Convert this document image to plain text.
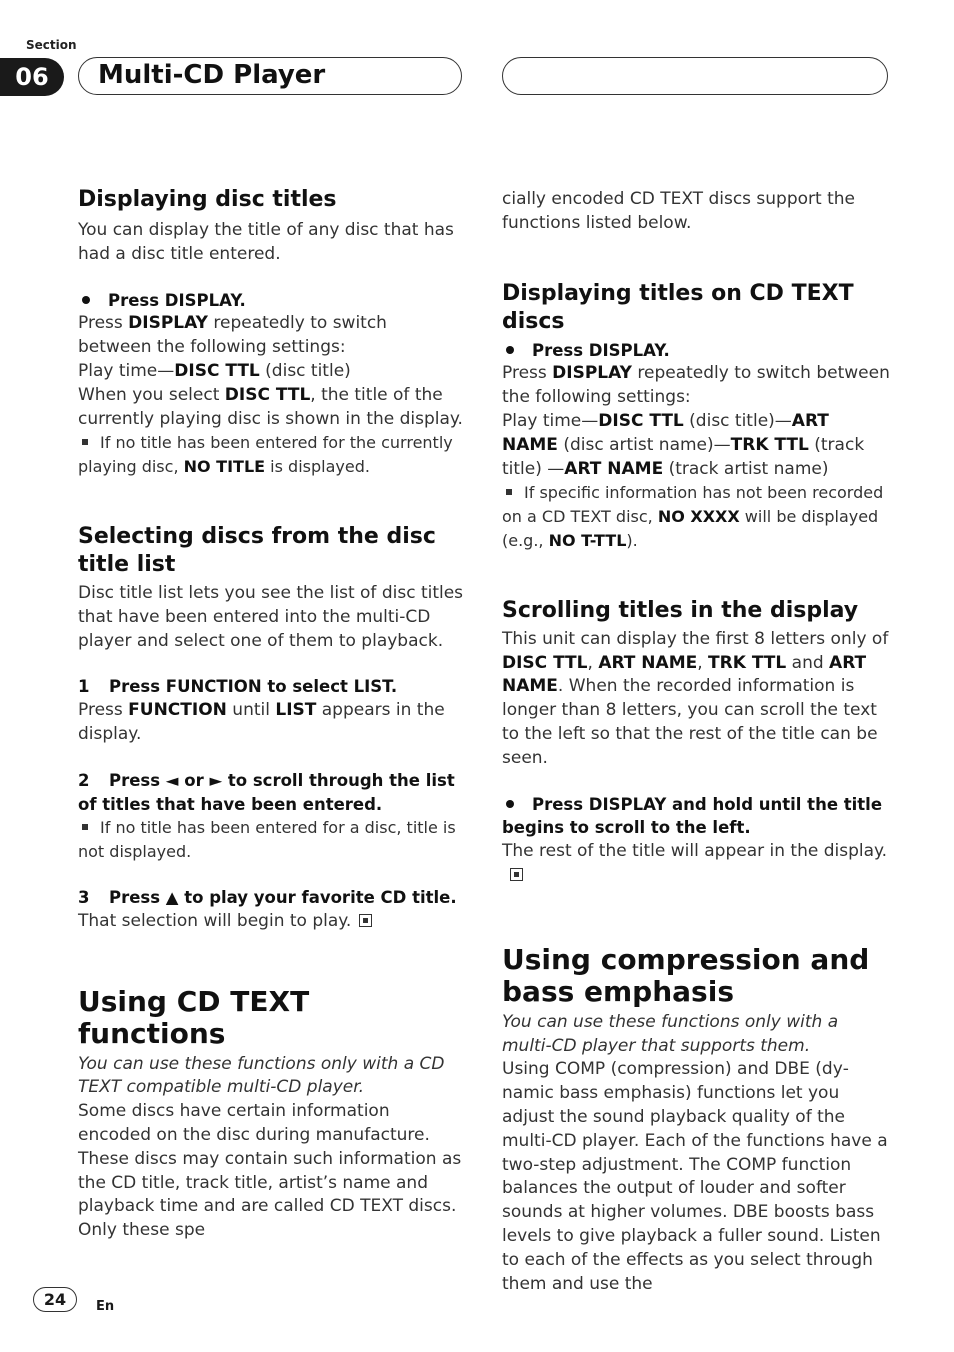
Section
06	Multi-CD Player

Displaying disc titles

You can display the title of any disc that has had a disc title entered.

Press DISPLAY.

Press DISPLAY repeatedly to switch between the following settings:

Play time—DISC TTL (disc title)

When you select DISC TTL, the title of the currently playing disc is shown in the display.

If no title has been entered for the currently playing disc, NO TITLE is displayed.

Selecting discs from the disc title list

Disc title list lets you see the list of disc titles that have been entered into the multi-CD player and select one of them to playback.

1 Press FUNCTION to select LIST.

Press FUNCTION until LIST appears in the display.

2 Press ◄ or ► to scroll through the list of titles that have been entered.

If no title has been entered for a disc, title is not displayed.

3 Press ▲ to play your favorite CD title.

That selection will begin to play.

Using CD TEXT functions

You can use these functions only with a CD TEXT compatible multi-CD player.

Some discs have certain information encoded on the disc during manufacture. These discs may contain such information as the CD title, track title, artist’s name and playback time and are called CD TEXT discs. Only these spe

cially encoded CD TEXT discs support the functions listed below.

Displaying titles on CD TEXT discs

Press DISPLAY.

Press DISPLAY repeatedly to switch between the following settings:

Play time—DISC TTL (disc title)—ART NAME (disc artist name)—TRK TTL (track title) —ART NAME (track artist name)

If specific information has not been recorded on a CD TEXT disc, NO XXXX will be displayed (e.g., NO T-TTL).

Scrolling titles in the display

This unit can display the first 8 letters only of DISC TTL, ART NAME, TRK TTL and ART NAME. When the recorded information is longer than 8 letters, you can scroll the text to the left so that the rest of the title can be seen.

Press DISPLAY and hold until the title begins to scroll to the left.

The rest of the title will appear in the display.

Using compression and bass emphasis

You can use these functions only with a multi-CD player that supports them.

Using COMP (compression) and DBE (dynamic bass emphasis) functions let you adjust the sound playback quality of the multi-CD player. Each of the functions have a two-step adjustment. The COMP function balances the output of louder and softer sounds at higher volumes. DBE boosts bass levels to give playback a fuller sound. Listen to each of the effects as you select through them and use the

24	En
